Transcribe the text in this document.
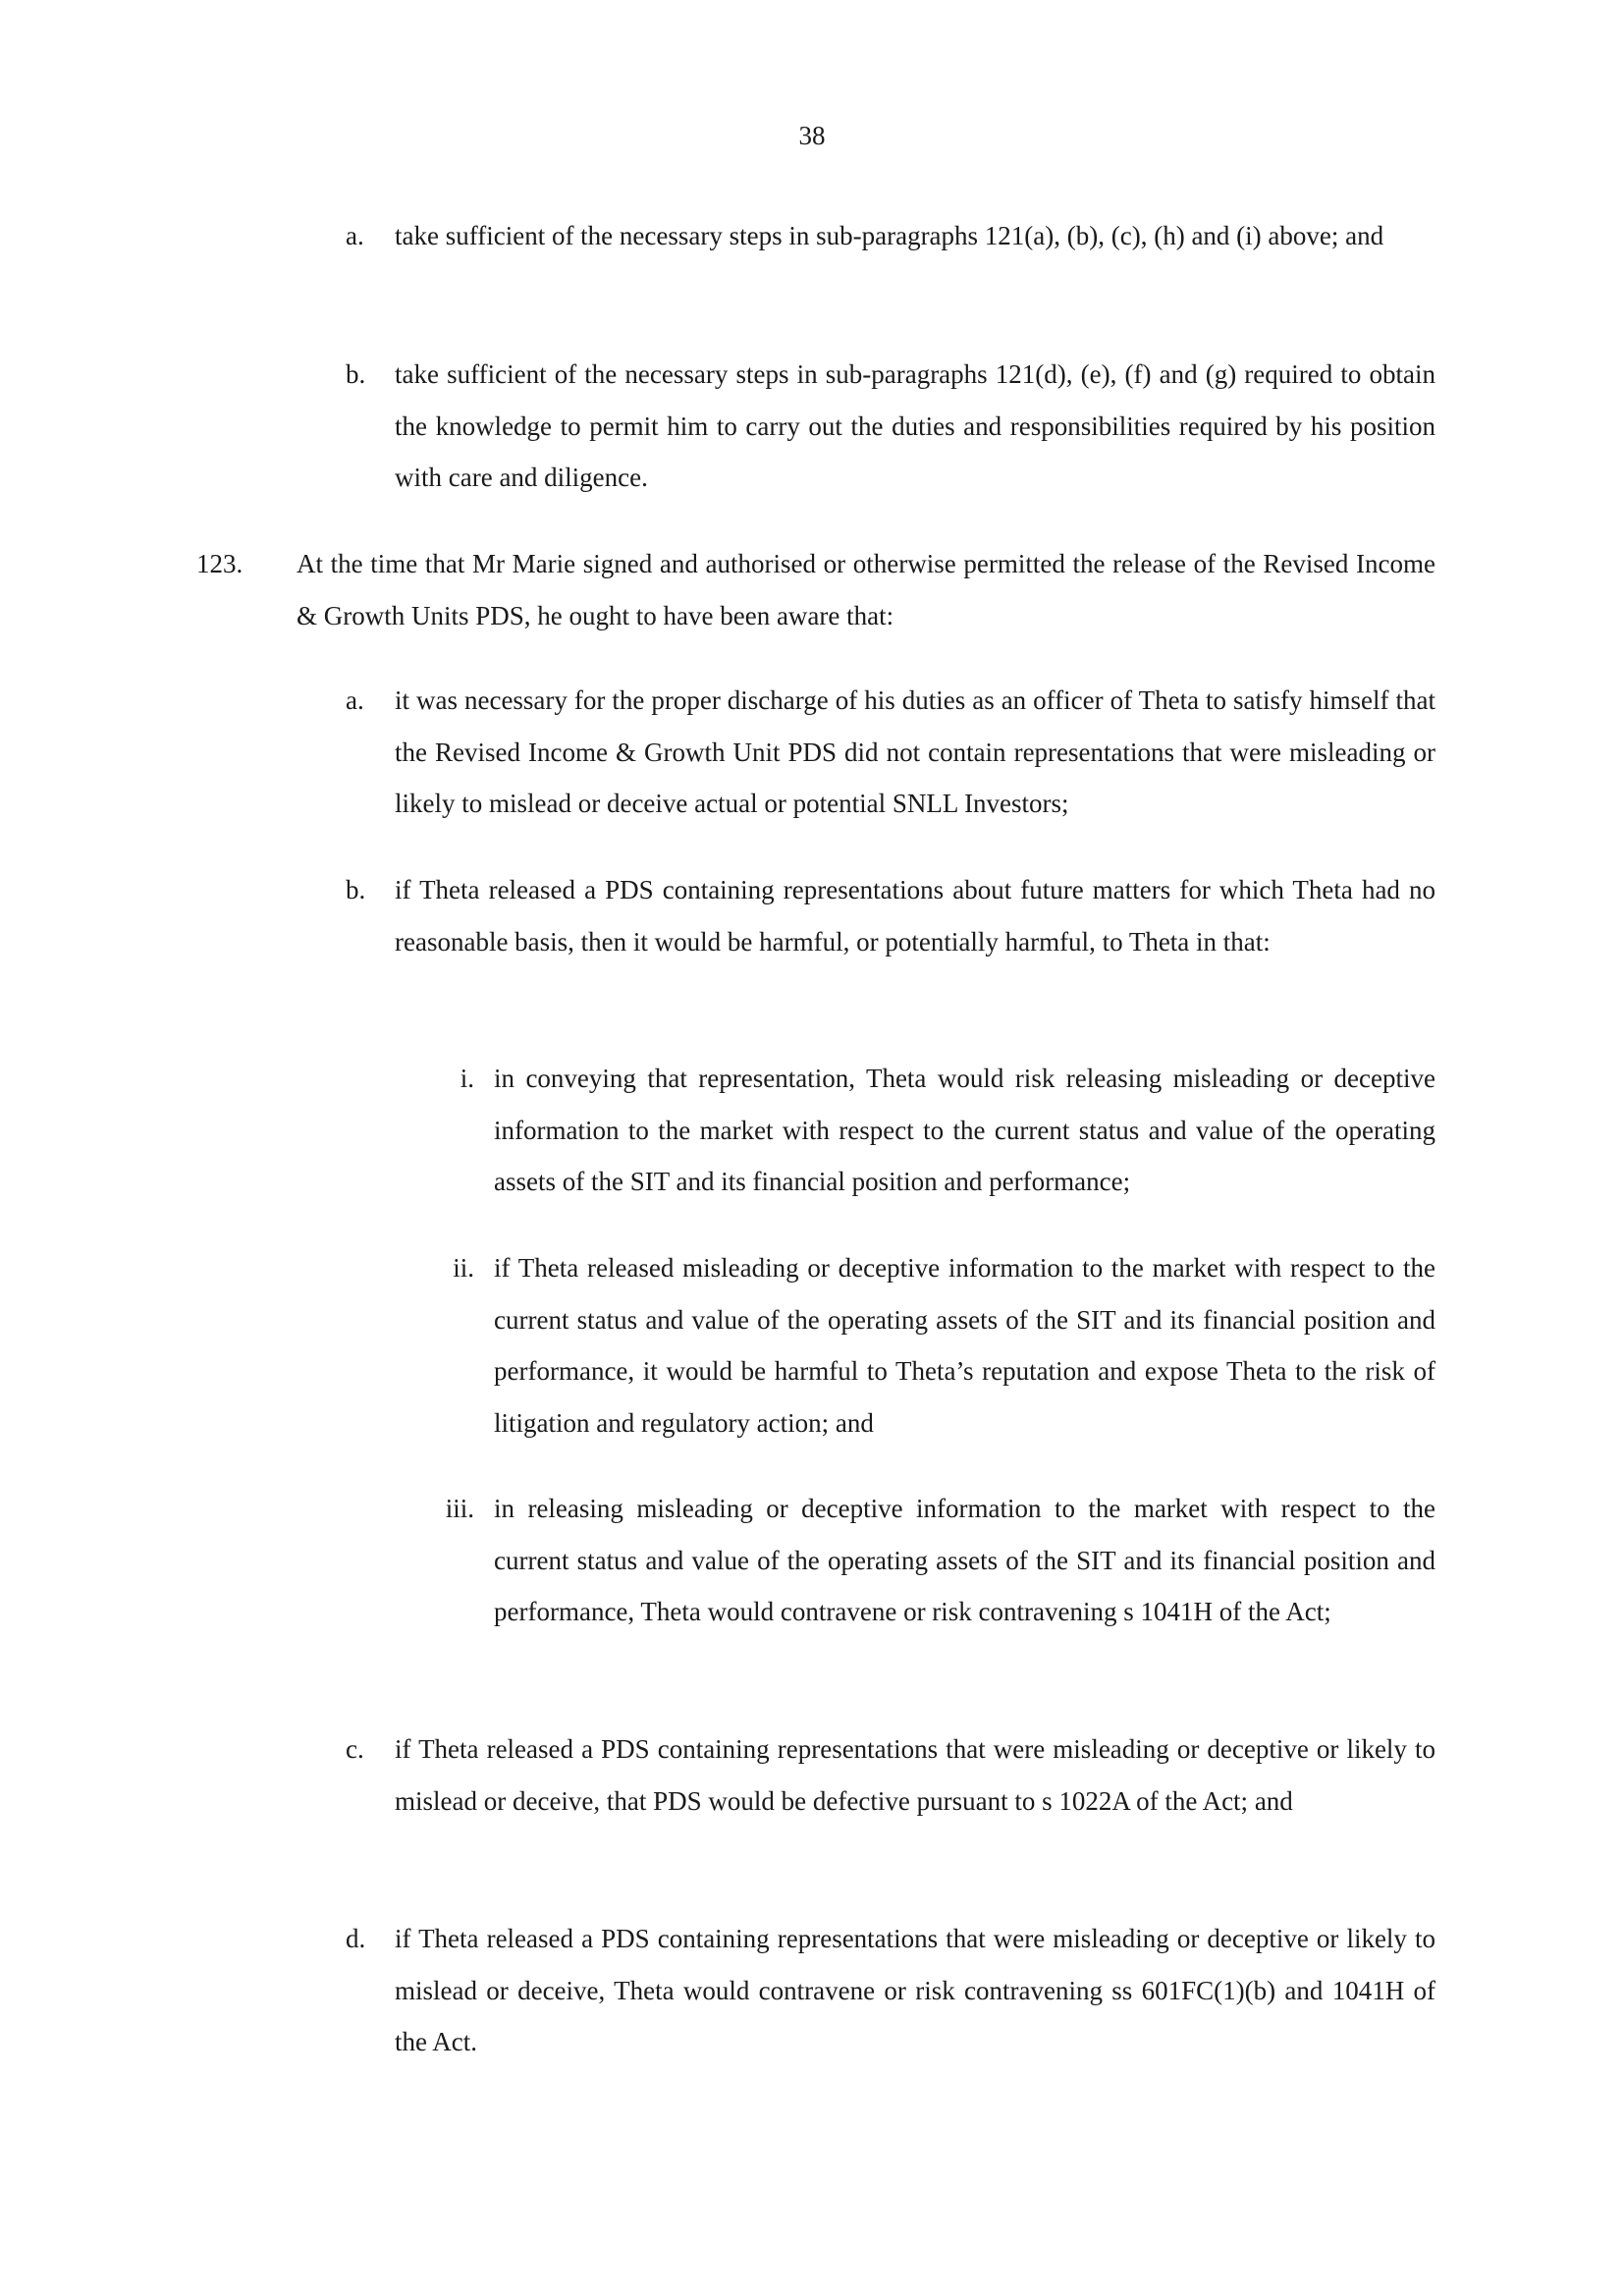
38
a. take sufficient of the necessary steps in sub-paragraphs 121(a), (b), (c), (h) and (i) above; and
b. take sufficient of the necessary steps in sub-paragraphs 121(d), (e), (f) and (g) required to obtain the knowledge to permit him to carry out the duties and responsibilities required by his position with care and diligence.
123. At the time that Mr Marie signed and authorised or otherwise permitted the release of the Revised Income & Growth Units PDS, he ought to have been aware that:
a. it was necessary for the proper discharge of his duties as an officer of Theta to satisfy himself that the Revised Income & Growth Unit PDS did not contain representations that were misleading or likely to mislead or deceive actual or potential SNLL Investors;
b. if Theta released a PDS containing representations about future matters for which Theta had no reasonable basis, then it would be harmful, or potentially harmful, to Theta in that:
i. in conveying that representation, Theta would risk releasing misleading or deceptive information to the market with respect to the current status and value of the operating assets of the SIT and its financial position and performance;
ii. if Theta released misleading or deceptive information to the market with respect to the current status and value of the operating assets of the SIT and its financial position and performance, it would be harmful to Theta’s reputation and expose Theta to the risk of litigation and regulatory action; and
iii. in releasing misleading or deceptive information to the market with respect to the current status and value of the operating assets of the SIT and its financial position and performance, Theta would contravene or risk contravening s 1041H of the Act;
c. if Theta released a PDS containing representations that were misleading or deceptive or likely to mislead or deceive, that PDS would be defective pursuant to s 1022A of the Act; and
d. if Theta released a PDS containing representations that were misleading or deceptive or likely to mislead or deceive, Theta would contravene or risk contravening ss 601FC(1)(b) and 1041H of the Act.
